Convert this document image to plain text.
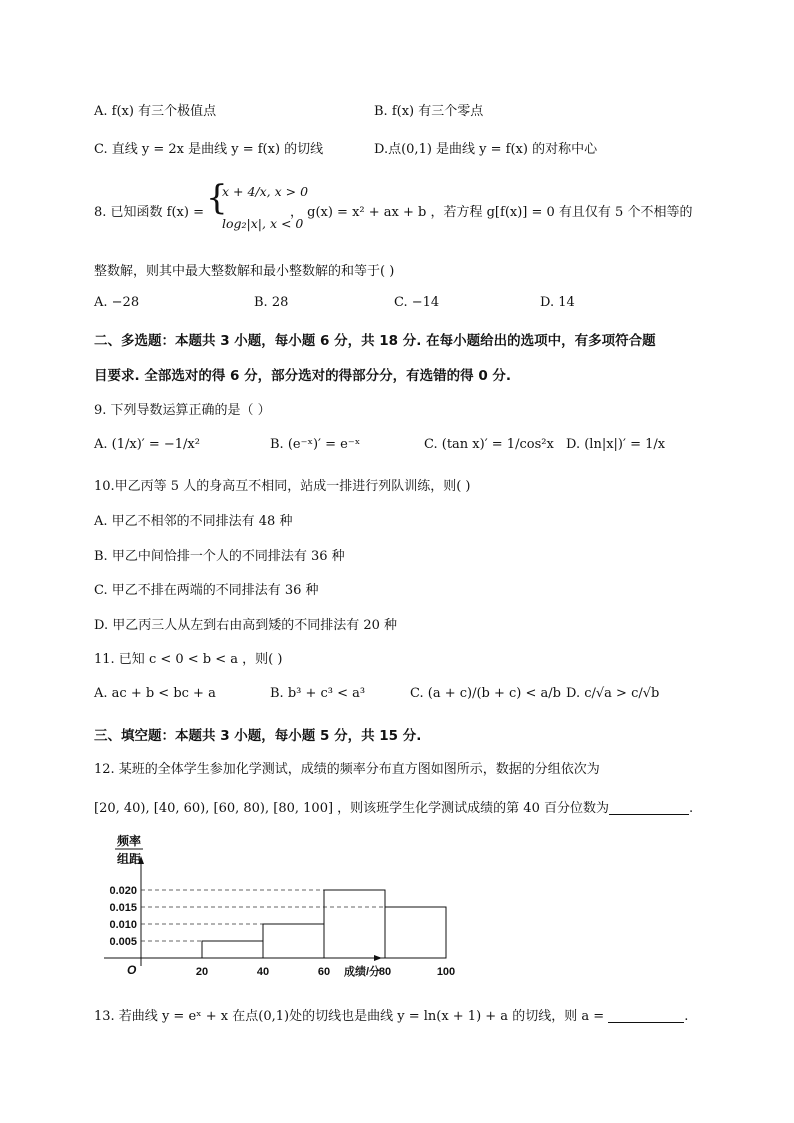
A. f(x) 有三个极值点	B. f(x) 有三个零点
C. 直线 y = 2x 是曲线 y = f(x) 的切线	D.点(0,1) 是曲线 y = f(x) 的对称中心
8. 已知函数 f(x) = {
x + 4/x, x > 0
log₂|x|, x < 0
， g(x) = x² + ax + b ，若方程 g[f(x)] = 0 有且仅有 5 个不相等的
整数解，则其中最大整数解和最小整数解的和等于( )
A. −28	B. 28	C. −14	D. 14
二、多选题：本题共 3 小题，每小题 6 分，共 18 分. 在每小题给出的选项中，有多项符合题
目要求. 全部选对的得 6 分，部分选对的得部分分，有选错的得 0 分.
9. 下列导数运算正确的是（ ）
A. (1/x)′ = −1/x²	B. (e⁻ˣ)′ = e⁻ˣ	C. (tan x)′ = 1/cos²x D. (ln|x|)′ = 1/x
10.甲乙丙等 5 人的身高互不相同，站成一排进行列队训练，则( )
A. 甲乙不相邻的不同排法有 48 种
B. 甲乙中间恰排一个人的不同排法有 36 种
C. 甲乙不排在两端的不同排法有 36 种
D. 甲乙丙三人从左到右由高到矮的不同排法有 20 种
11. 已知 c < 0 < b < a ，则( )
A. ac + b < bc + a	B. b³ + c³ < a³	C. (a + c)/(b + c) < a/b D. c/√a > c/√b
三、填空题：本题共 3 小题，每小题 5 分，共 15 分.
12. 某班的全体学生参加化学测试，成绩的频率分布直方图如图所示，数据的分组依次为
[20, 40), [40, 60), [60, 80), [80, 100] ，则该班学生化学测试成绩的第 40 百分位数为	.
0.005
0.010
0.015
0.020
20	40	60	80	100
O	成绩/分
频率
组距
13. 若曲线 y = eˣ + x 在点(0,1)处的切线也是曲线 y = ln(x + 1) + a 的切线，则 a =	.
